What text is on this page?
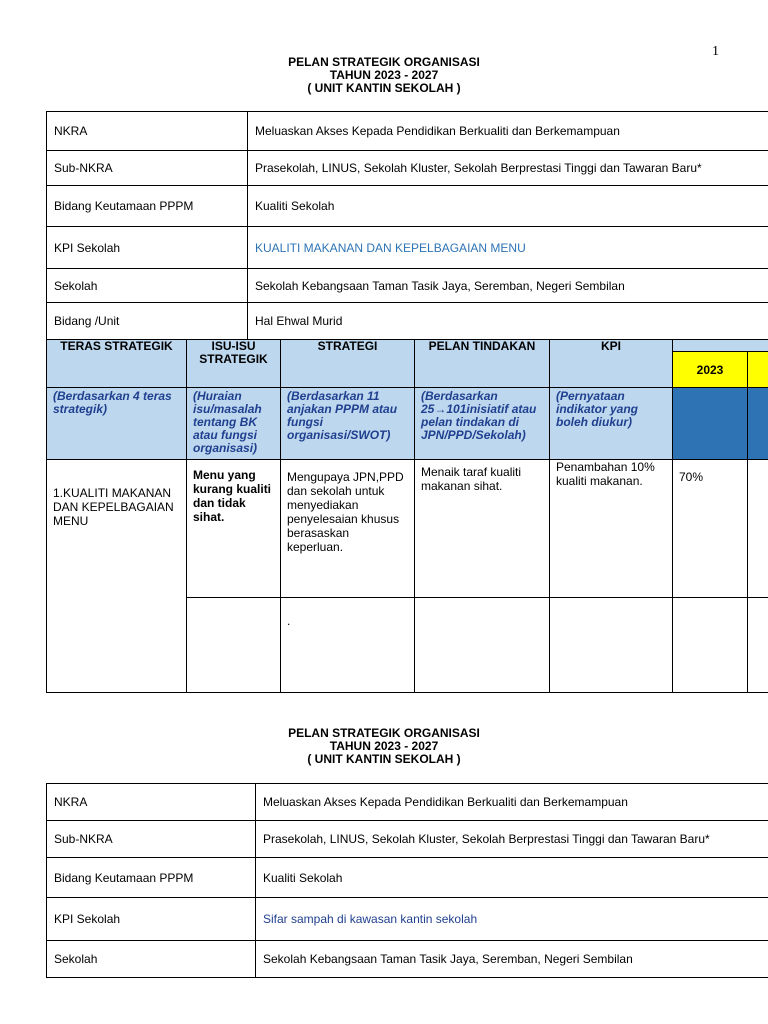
1
PELAN STRATEGIK ORGANISASI
TAHUN 2023 - 2027
( UNIT KANTIN SEKOLAH )
NKRA	Meluaskan Akses Kepada Pendidikan Berkualiti dan Berkemampuan
Sub-NKRA	Prasekolah, LINUS, Sekolah Kluster, Sekolah Berprestasi Tinggi dan Tawaran Baru*
Bidang Keutamaan PPPM	Kualiti Sekolah
KPI Sekolah	KUALITI MAKANAN DAN KEPELBAGAIAN MENU
Sekolah	Sekolah Kebangsaan Taman Tasik Jaya, Seremban, Negeri Sembilan
Bidang /Unit	Hal Ehwal Murid
TERAS STRATEGIK	ISU-ISU STRATEGIK	STRATEGI	PELAN TINDAKAN	KPI		
					2023	
(Berdasarkan 4 teras strategik)	(Huraian isu/masalah tentang BK atau fungsi organisasi)	(Berdasarkan 11 anjakan PPPM atau fungsi organisasi/SWOT)	(Berdasarkan 25→101inisiatif atau pelan tindakan di JPN/PPD/Sekolah)	(Pernyataan indikator yang boleh diukur)		
1.KUALITI MAKANAN DAN KEPELBAGAIAN MENU	Menu yang kurang kualiti dan tidak sihat.	Mengupaya JPN,PPD dan sekolah untuk menyediakan penyelesaian khusus berasaskan keperluan.	Menaik taraf kualiti makanan sihat.	Penambahan 10% kualiti makanan.	70%	
		.				
PELAN STRATEGIK ORGANISASI
TAHUN 2023 - 2027
( UNIT KANTIN SEKOLAH )
NKRA	Meluaskan Akses Kepada Pendidikan Berkualiti dan Berkemampuan
Sub-NKRA	Prasekolah, LINUS, Sekolah Kluster, Sekolah Berprestasi Tinggi dan Tawaran Baru*
Bidang Keutamaan PPPM	Kualiti Sekolah
KPI Sekolah	Sifar sampah di kawasan kantin sekolah
Sekolah	Sekolah Kebangsaan Taman Tasik Jaya, Seremban, Negeri Sembilan
